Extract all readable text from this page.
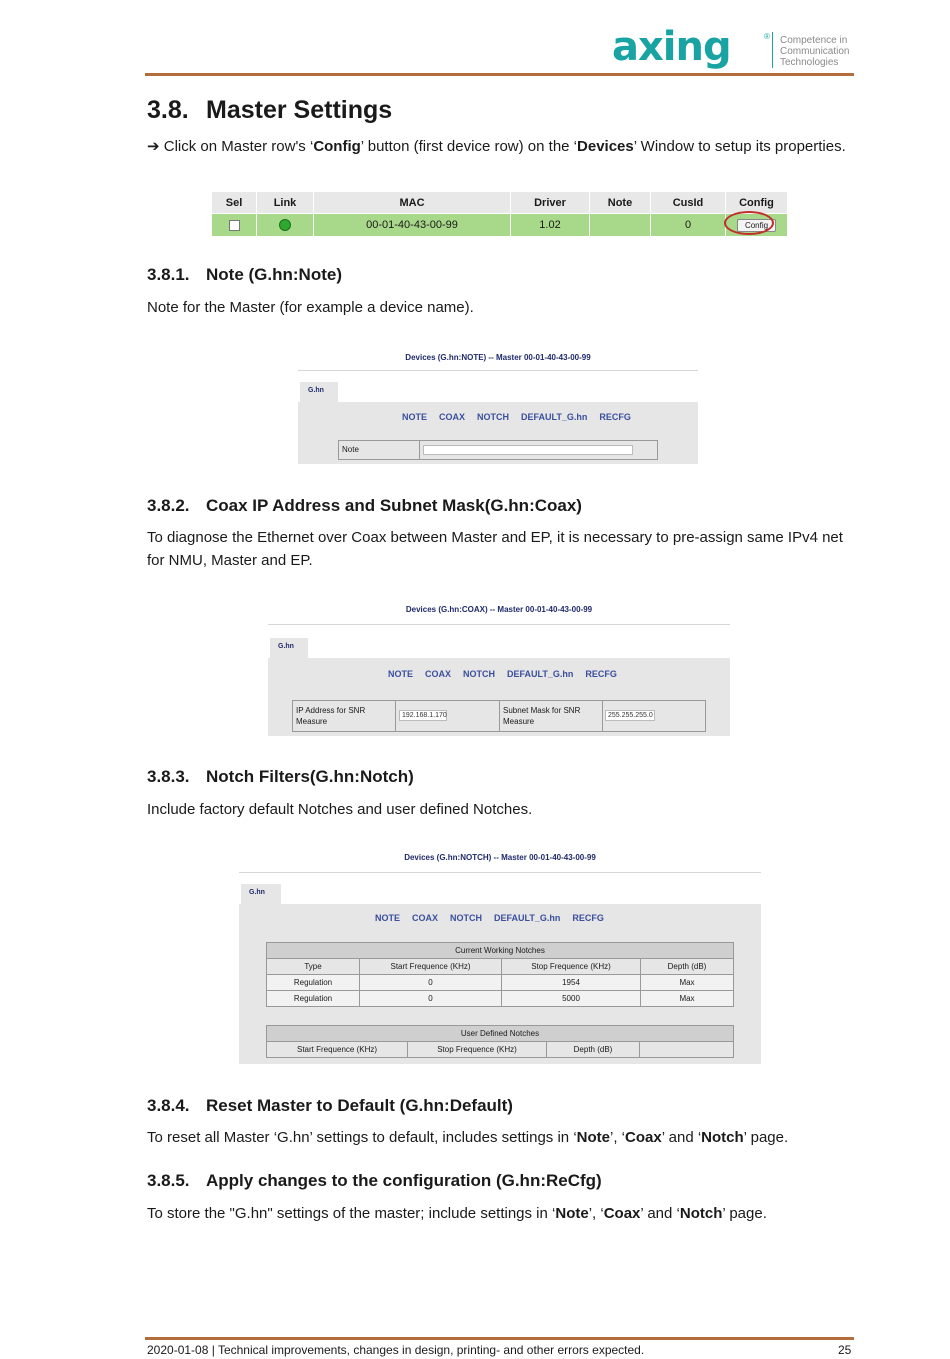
axing	® Competence in
Communication
Technologies
3.8. Master Settings
➔ Click on Master row's ‘Config’ button (first device row) on the ‘Devices’ Window to setup its properties.
Sel	Link	MAC	Driver	Note	CusId	Config
		00-01-40-43-00-99	1.02		0	Config
3.8.1. Note (G.hn:Note)
Note for the Master (for example a device name).
Devices (G.hn:NOTE) -- Master 00-01-40-43-00-99
G.hn
NOTE COAX NOTCH DEFAULT_G.hn RECFG
Note
3.8.2. Coax IP Address and Subnet Mask(G.hn:Coax)
To diagnose the Ethernet over Coax between Master and EP, it is necessary to pre-assign same IPv4 net for NMU, Master and EP.
Devices (G.hn:COAX) -- Master 00-01-40-43-00-99
G.hn
NOTE COAX NOTCH DEFAULT_G.hn RECFG
IP Address for SNR
Measure
192.168.1.170
Subnet Mask for SNR
Measure
255.255.255.0
3.8.3. Notch Filters(G.hn:Notch)
Include factory default Notches and user defined Notches.
Devices (G.hn:NOTCH) -- Master 00-01-40-43-00-99
G.hn
NOTE COAX NOTCH DEFAULT_G.hn RECFG
Current Working Notches			
Type	Start Frequence (KHz)	Stop Frequence (KHz)	Depth (dB)
Regulation	0	1954	Max
Regulation	0	5000	Max
User Defined Notches
Start Frequence (KHz)	Stop Frequence (KHz)	Depth (dB)	
3.8.4. Reset Master to Default (G.hn:Default)
To reset all Master ‘G.hn’ settings to default, includes settings in ‘Note’, ‘Coax’ and ‘Notch’ page.
3.8.5. Apply changes to the configuration (G.hn:ReCfg)
To store the "G.hn" settings of the master; include settings in ‘Note’, ‘Coax’ and ‘Notch’ page.
2020-01-08 | Technical improvements, changes in design, printing- and other errors expected.	25
